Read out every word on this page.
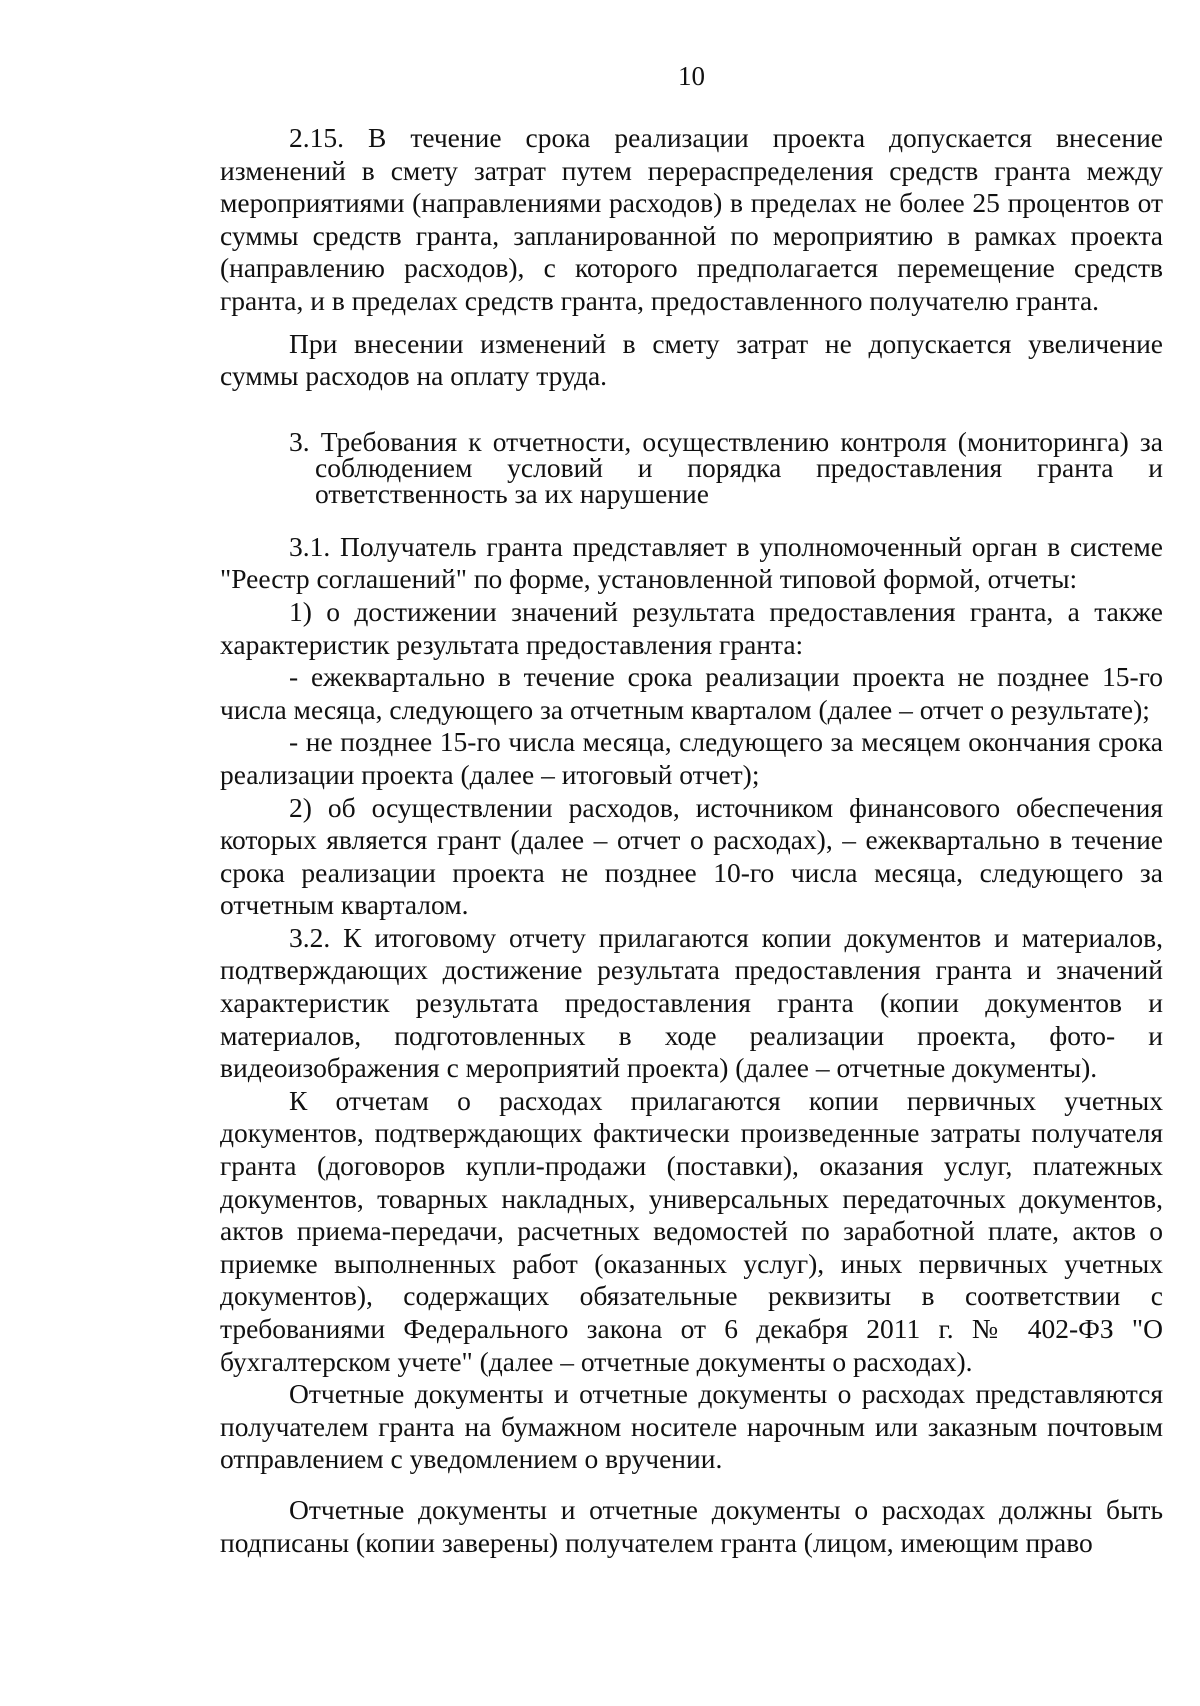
10

2.15. В течение срока реализации проекта допускается внесение изменений в смету затрат путем перераспределения средств гранта между мероприятиями (направлениями расходов) в пределах не более 25 процентов от суммы средств гранта, запланированной по мероприятию в рамках проекта (направлению расходов), с которого предполагается перемещение средств гранта, и в пределах средств гранта, предоставленного получателю гранта.

При внесении изменений в смету затрат не допускается увеличение суммы расходов на оплату труда.

3. Требования к отчетности, осуществлению контроля (мониторинга) за соблюдением условий и порядка предоставления гранта и ответственность за их нарушение

3.1. Получатель гранта представляет в уполномоченный орган в системе "Реестр соглашений" по форме, установленной типовой формой, отчеты:

1) о достижении значений результата предоставления гранта, а также характеристик результата предоставления гранта:

- ежеквартально в течение срока реализации проекта не позднее 15-го числа месяца, следующего за отчетным кварталом (далее – отчет о результате);

- не позднее 15-го числа месяца, следующего за месяцем окончания срока реализации проекта (далее – итоговый отчет);

2) об осуществлении расходов, источником финансового обеспечения которых является грант (далее – отчет о расходах), – ежеквартально в течение срока реализации проекта не позднее 10-го числа месяца, следующего за отчетным кварталом.

3.2. К итоговому отчету прилагаются копии документов и материалов, подтверждающих достижение результата предоставления гранта и значений характеристик результата предоставления гранта (копии документов и материалов, подготовленных в ходе реализации проекта, фото- и видеоизображения с мероприятий проекта) (далее – отчетные документы).

К отчетам о расходах прилагаются копии первичных учетных документов, подтверждающих фактически произведенные затраты получателя гранта (договоров купли-продажи (поставки), оказания услуг, платежных документов, товарных накладных, универсальных передаточных документов, актов приема-передачи, расчетных ведомостей по заработной плате, актов о приемке выполненных работ (оказанных услуг), иных первичных учетных документов), содержащих обязательные реквизиты в соответствии с требованиями Федерального закона от 6 декабря 2011 г. № 402-ФЗ "О бухгалтерском учете" (далее – отчетные документы о расходах).

Отчетные документы и отчетные документы о расходах представляются получателем гранта на бумажном носителе нарочным или заказным почтовым отправлением с уведомлением о вручении.

Отчетные документы и отчетные документы о расходах должны быть подписаны (копии заверены) получателем гранта (лицом, имеющим право
